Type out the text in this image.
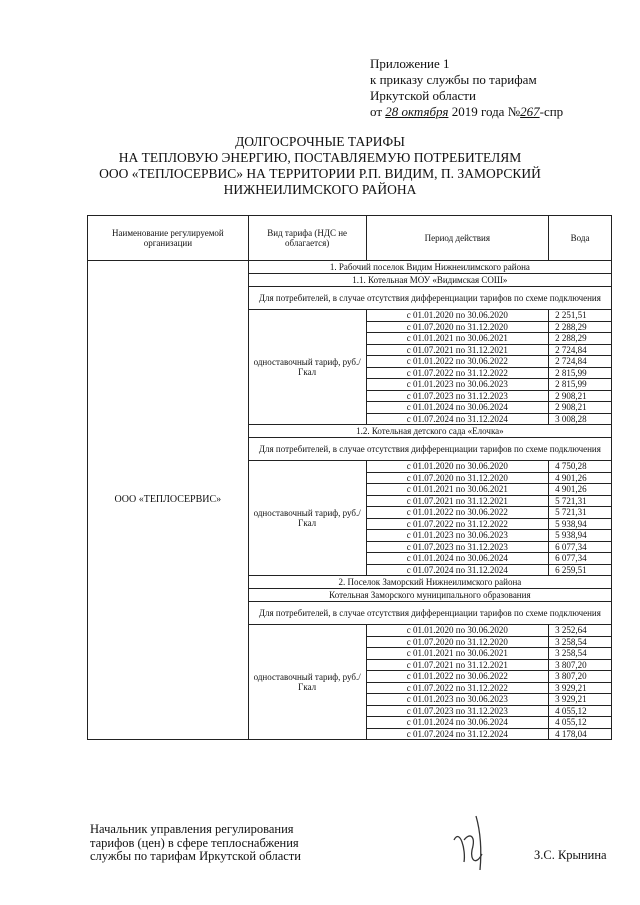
Приложение 1
к приказу службы по тарифам
Иркутской области
от 28 октября 2019 года №267-спр
ДОЛГОСРОЧНЫЕ ТАРИФЫ
НА ТЕПЛОВУЮ ЭНЕРГИЮ, ПОСТАВЛЯЕМУЮ ПОТРЕБИТЕЛЯМ
ООО «ТЕПЛОСЕРВИС» НА ТЕРРИТОРИИ Р.П. ВИДИМ, П. ЗАМОРСКИЙ
НИЖНЕИЛИМСКОГО РАЙОНА
Наименование регулируемой организации	Вид тарифа (НДС не облагается)	Период действия	Вода
ООО «ТЕПЛОСЕРВИС»	1. Рабочий поселок Видим Нижнеилимского района		
	1.1. Котельная МОУ «Видимская СОШ»		
	Для потребителей, в случае отсутствия дифференциации тарифов по схеме подключения		
	одноставочный тариф, руб./Гкал	с 01.01.2020 по 30.06.2020	2 251,51
		с 01.07.2020 по 31.12.2020	2 288,29
		с 01.01.2021 по 30.06.2021	2 288,29
		с 01.07.2021 по 31.12.2021	2 724,84
		с 01.01.2022 по 30.06.2022	2 724,84
		с 01.07.2022 по 31.12.2022	2 815,99
		с 01.01.2023 по 30.06.2023	2 815,99
		с 01.07.2023 по 31.12.2023	2 908,21
		с 01.01.2024 по 30.06.2024	2 908,21
		с 01.07.2024 по 31.12.2024	3 008,28
	1.2. Котельная детского сада «Елочка»		
	Для потребителей, в случае отсутствия дифференциации тарифов по схеме подключения		
	одноставочный тариф, руб./Гкал	с 01.01.2020 по 30.06.2020	4 750,28
		с 01.07.2020 по 31.12.2020	4 901,26
		с 01.01.2021 по 30.06.2021	4 901,26
		с 01.07.2021 по 31.12.2021	5 721,31
		с 01.01.2022 по 30.06.2022	5 721,31
		с 01.07.2022 по 31.12.2022	5 938,94
		с 01.01.2023 по 30.06.2023	5 938,94
		с 01.07.2023 по 31.12.2023	6 077,34
		с 01.01.2024 по 30.06.2024	6 077,34
		с 01.07.2024 по 31.12.2024	6 259,51
	2. Поселок Заморский Нижнеилимского района		
	Котельная Заморского муниципального образования		
	Для потребителей, в случае отсутствия дифференциации тарифов по схеме подключения		
	одноставочный тариф, руб./Гкал	с 01.01.2020 по 30.06.2020	3 252,64
		с 01.07.2020 по 31.12.2020	3 258,54
		с 01.01.2021 по 30.06.2021	3 258,54
		с 01.07.2021 по 31.12.2021	3 807,20
		с 01.01.2022 по 30.06.2022	3 807,20
		с 01.07.2022 по 31.12.2022	3 929,21
		с 01.01.2023 по 30.06.2023	3 929,21
		с 01.07.2023 по 31.12.2023	4 055,12
		с 01.01.2024 по 30.06.2024	4 055,12
		с 01.07.2024 по 31.12.2024	4 178,04
Начальник управления регулирования
тарифов (цен) в сфере теплоснабжения
службы по тарифам Иркутской области	З.С. Крынина
